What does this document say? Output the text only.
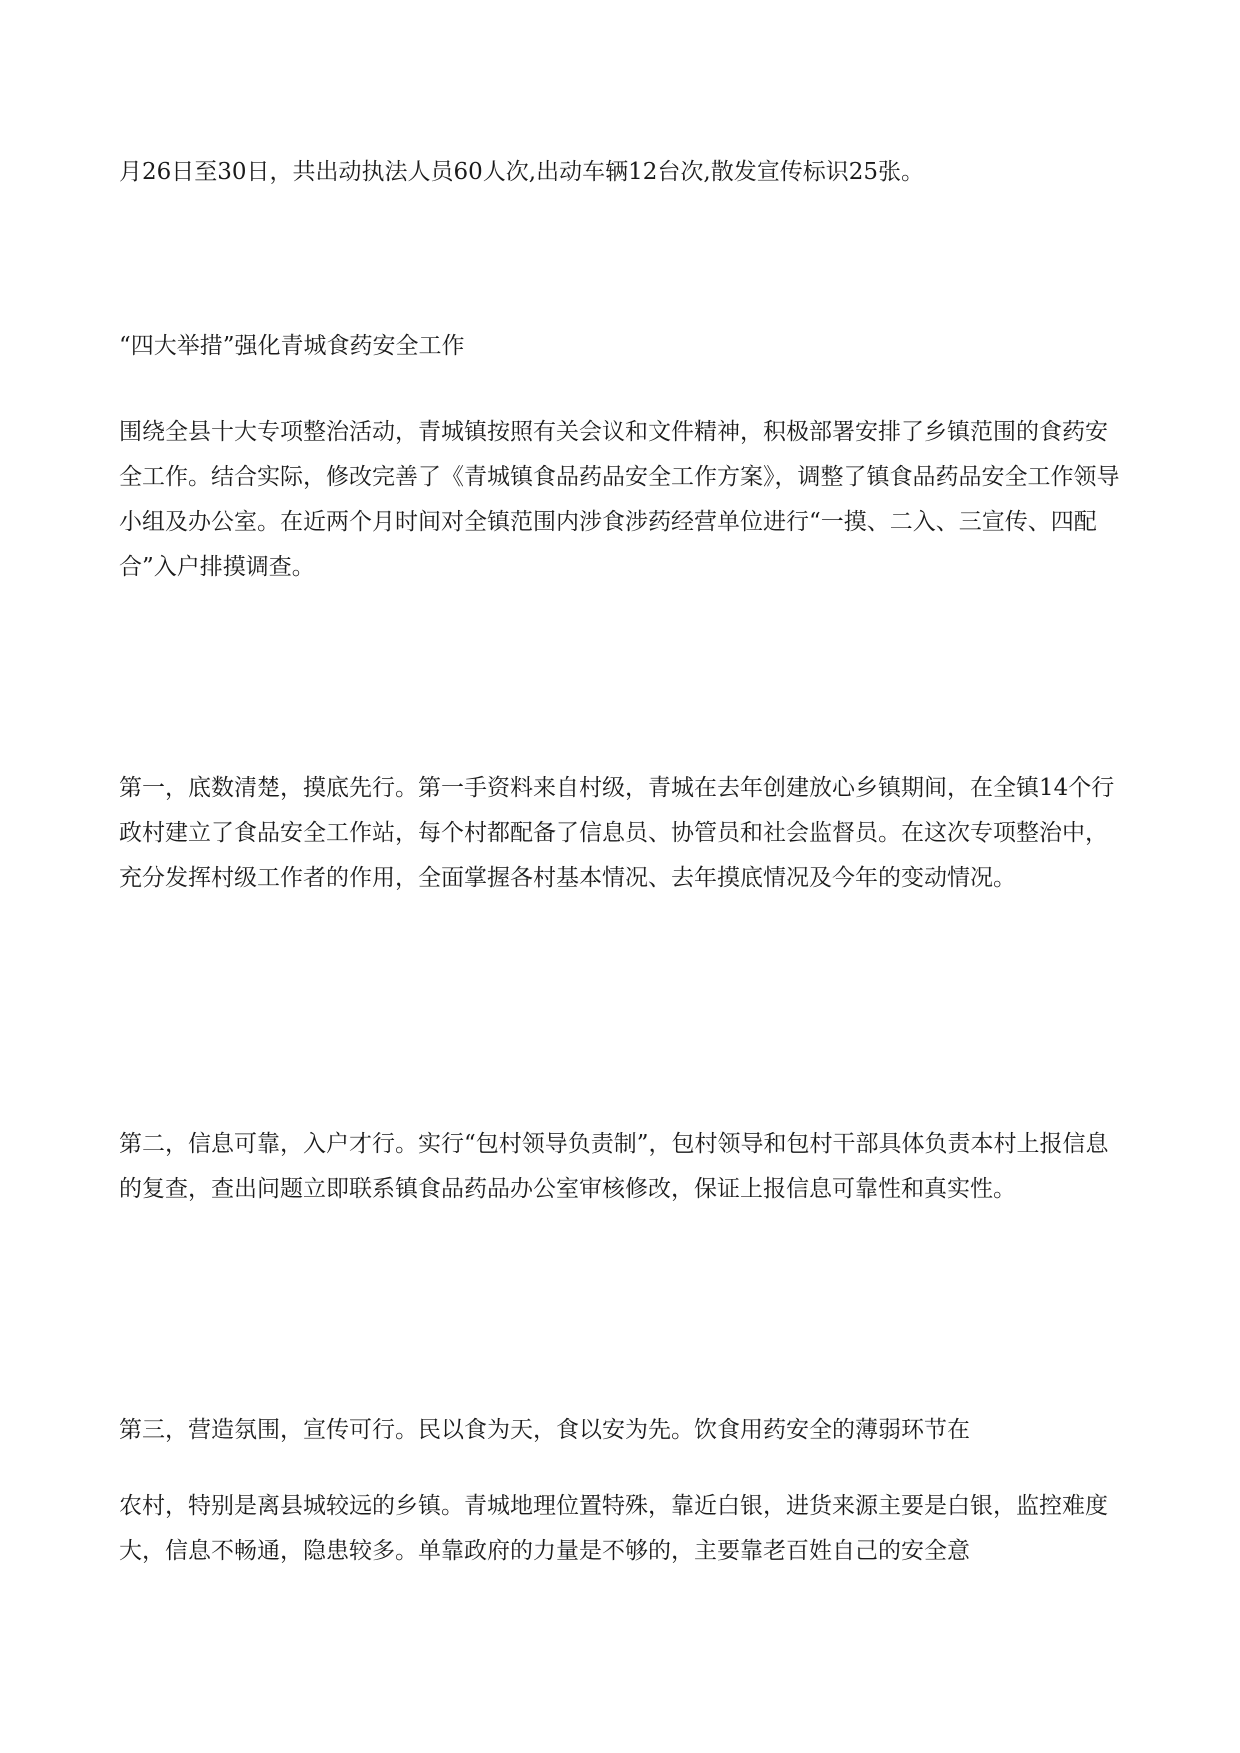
月26日至30日，共出动执法人员60人次,出动车辆12台次,散发宣传标识25张。

“四大举措”强化青城食药安全工作

围绕全县十大专项整治活动，青城镇按照有关会议和文件精神，积极部署安排了乡镇范围的食药安全工作。结合实际，修改完善了《青城镇食品药品安全工作方案》，调整了镇食品药品安全工作领导小组及办公室。在近两个月时间对全镇范围内涉食涉药经营单位进行“一摸、二入、三宣传、四配合”入户排摸调查。

第一，底数清楚，摸底先行。第一手资料来自村级，青城在去年创建放心乡镇期间，在全镇14个行政村建立了食品安全工作站，每个村都配备了信息员、协管员和社会监督员。在这次专项整治中，充分发挥村级工作者的作用，全面掌握各村基本情况、去年摸底情况及今年的变动情况。

第二，信息可靠，入户才行。实行“包村领导负责制”，包村领导和包村干部具体负责本村上报信息的复查，查出问题立即联系镇食品药品办公室审核修改，保证上报信息可靠性和真实性。

第三，营造氛围，宣传可行。民以食为天，食以安为先。饮食用药安全的薄弱环节在

农村，特别是离县城较远的乡镇。青城地理位置特殊，靠近白银，进货来源主要是白银，监控难度大，信息不畅通，隐患较多。单靠政府的力量是不够的，主要靠老百姓自己的安全意
